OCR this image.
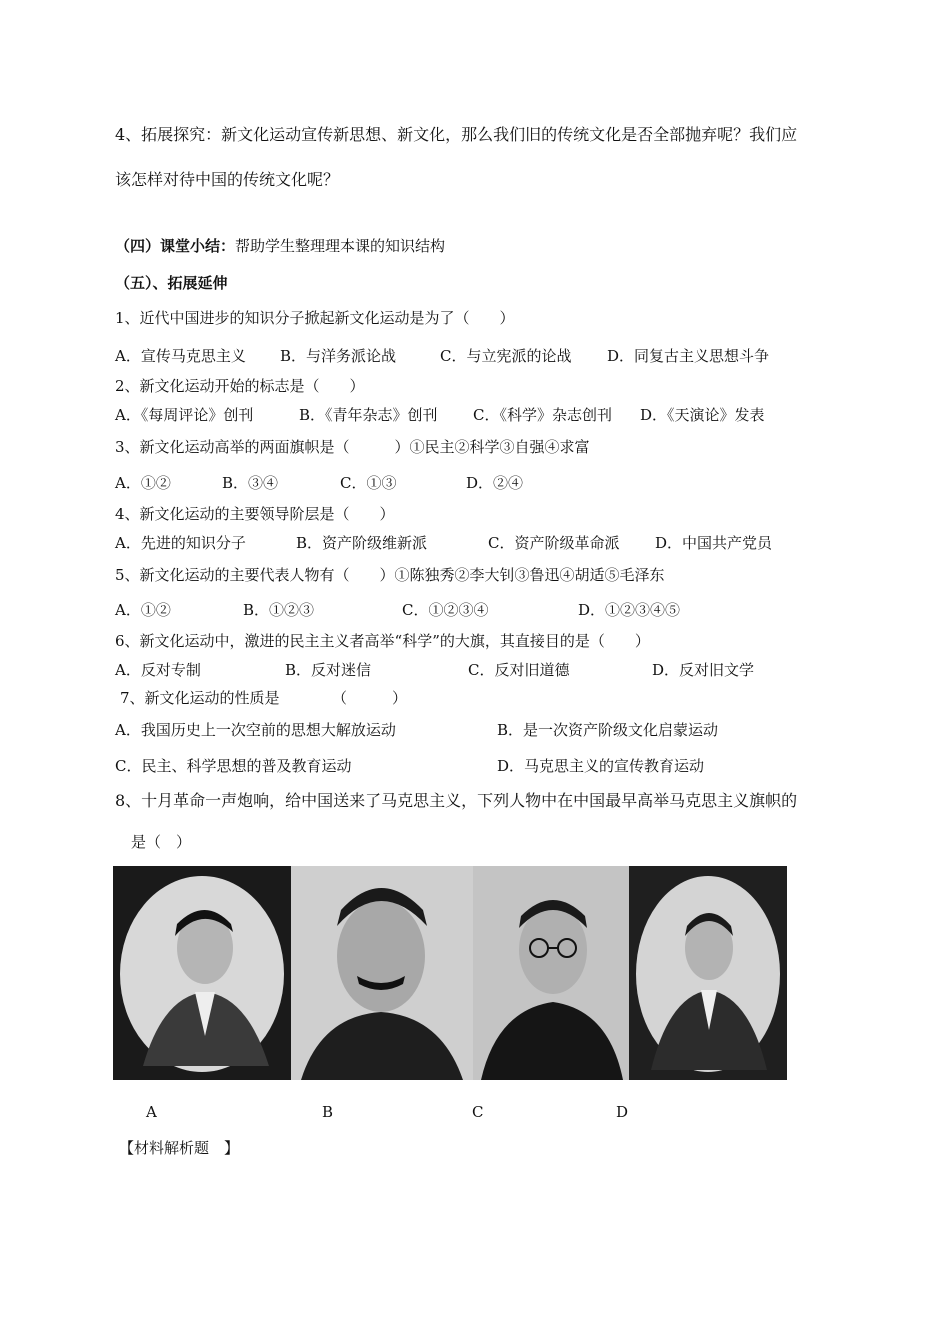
4、拓展探究：新文化运动宣传新思想、新文化，那么我们旧的传统文化是否全部抛弃呢？我们应
该怎样对待中国的传统文化呢？
（四）课堂小结：帮助学生整理理本课的知识结构
（五）、拓展延伸
1、近代中国进步的知识分子掀起新文化运动是为了（　　）
A．宣传马克思主义 B．与洋务派论战	C．与立宪派的论战 D．同复古主义思想斗争
2、新文化运动开始的标志是（　　）
A．《每周评论》创刊	B．《青年杂志》创刊 C．《科学》杂志创刊 D．《天演论》发表
3、新文化运动高举的两面旗帜是（　　　）①民主②科学③自强④求富
A．①②	B．③④	C．①③	D．②④
4、新文化运动的主要领导阶层是（　　）
A．先进的知识分子	B．资产阶级维新派	C．资产阶级革命派 D．中国共产党员
5、新文化运动的主要代表人物有（　　）①陈独秀②李大钊③鲁迅④胡适⑤毛泽东
A．①②	B．①②③	C．①②③④	D．①②③④⑤
6、新文化运动中，激进的民主主义者高举“科学”的大旗，其直接目的是（　　）
A．反对专制	B．反对迷信	C．反对旧道德	D．反对旧文学
7、新文化运动的性质是　　　　（　　　）
A．我国历史上一次空前的思想大解放运动	B．是一次资产阶级文化启蒙运动
C．民主、科学思想的普及教育运动	D．马克思主义的宣传教育运动
8、十月革命一声炮响，给中国送来了马克思主义，下列人物中在中国最早高举马克思主义旗帜的
是（　）
A	B	C	D
【材料解析题　】
